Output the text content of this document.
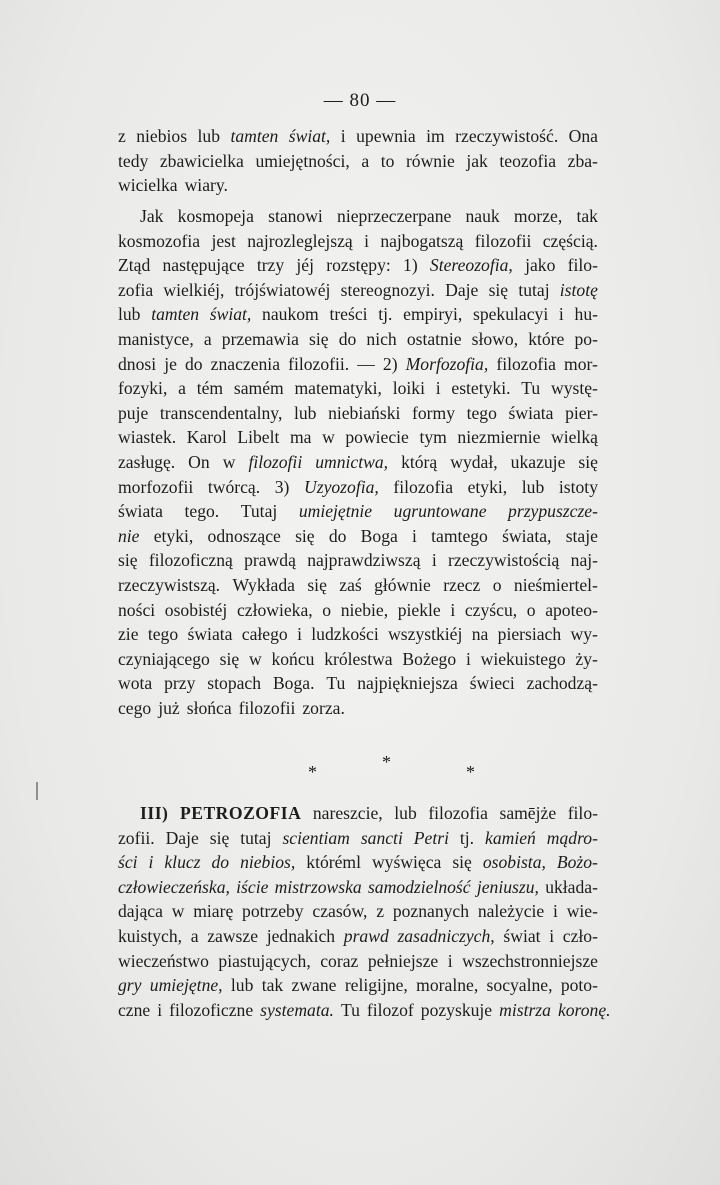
— 80 —
z niebios lub tamten świat, i upewnia im rzeczywistość. Ona
tedy zbawicielka umiejętności, a to równie jak teozofia zba-
wicielka wiary.
Jak kosmopeja stanowi nieprzeczerpane nauk morze, tak
kosmozofia jest najrozleglejszą i najbogatszą filozofii częścią.
Ztąd następujące trzy jéj rozstępy: 1) Stereozofia, jako filo-
zofia wielkiéj, trójświatowéj stereognozyi. Daje się tutaj istotę
lub tamten świat, naukom treści tj. empiryi, spekulacyi i hu-
manistyce, a przemawia się do nich ostatnie słowo, które po-
dnosi je do znaczenia filozofii. — 2) Morfozofia, filozofia mor-
fozyki, a tém samém matematyki, loiki i estetyki. Tu wystę-
puje transcendentalny, lub niebiański formy tego świata pier-
wiastek. Karol Libelt ma w powiecie tym niezmiernie wielką
zasługę. On w filozofii umnictwa, którą wydał, ukazuje się
morfozofii twórcą. 3) Uzyozofia, filozofia etyki, lub istoty
świata tego. Tutaj umiejętnie ugruntowane przypuszcze-
nie etyki, odnoszące się do Boga i tamtego świata, staje
się filozoficzną prawdą najprawdziwszą i rzeczywistością naj-
rzeczywistszą. Wykłada się zaś głównie rzecz o nieśmiertel-
ności osobistéj człowieka, o niebie, piekle i czyścu, o apoteo-
zie tego świata całego i ludzkości wszystkiéj na piersiach wy-
czyniającego się w końcu królestwa Bożego i wiekuistego ży-
wota przy stopach Boga. Tu najpiękniejsza świeci zachodzą-
cego już słońca filozofii zorza.
*	*	*
III) PETROZOFIA nareszcie, lub filozofia samējże filo-
zofii. Daje się tutaj scientiam sancti Petri tj. kamień mądro-
ści i klucz do niebios, któréml wyświęca się osobista, Bożo-
człowieczeńska, iście mistrzowska samodzielność jeniuszu, układa-
dająca w miarę potrzeby czasów, z poznanych należycie i wie-
kuistych, a zawsze jednakich prawd zasadniczych, świat i czło-
wieczeństwo piastujących, coraz pełniejsze i wszechstronniejsze
gry umiejętne, lub tak zwane religijne, moralne, socyalne, poto-
czne i filozoficzne systemata. Tu filozof pozyskuje mistrza koronę.
